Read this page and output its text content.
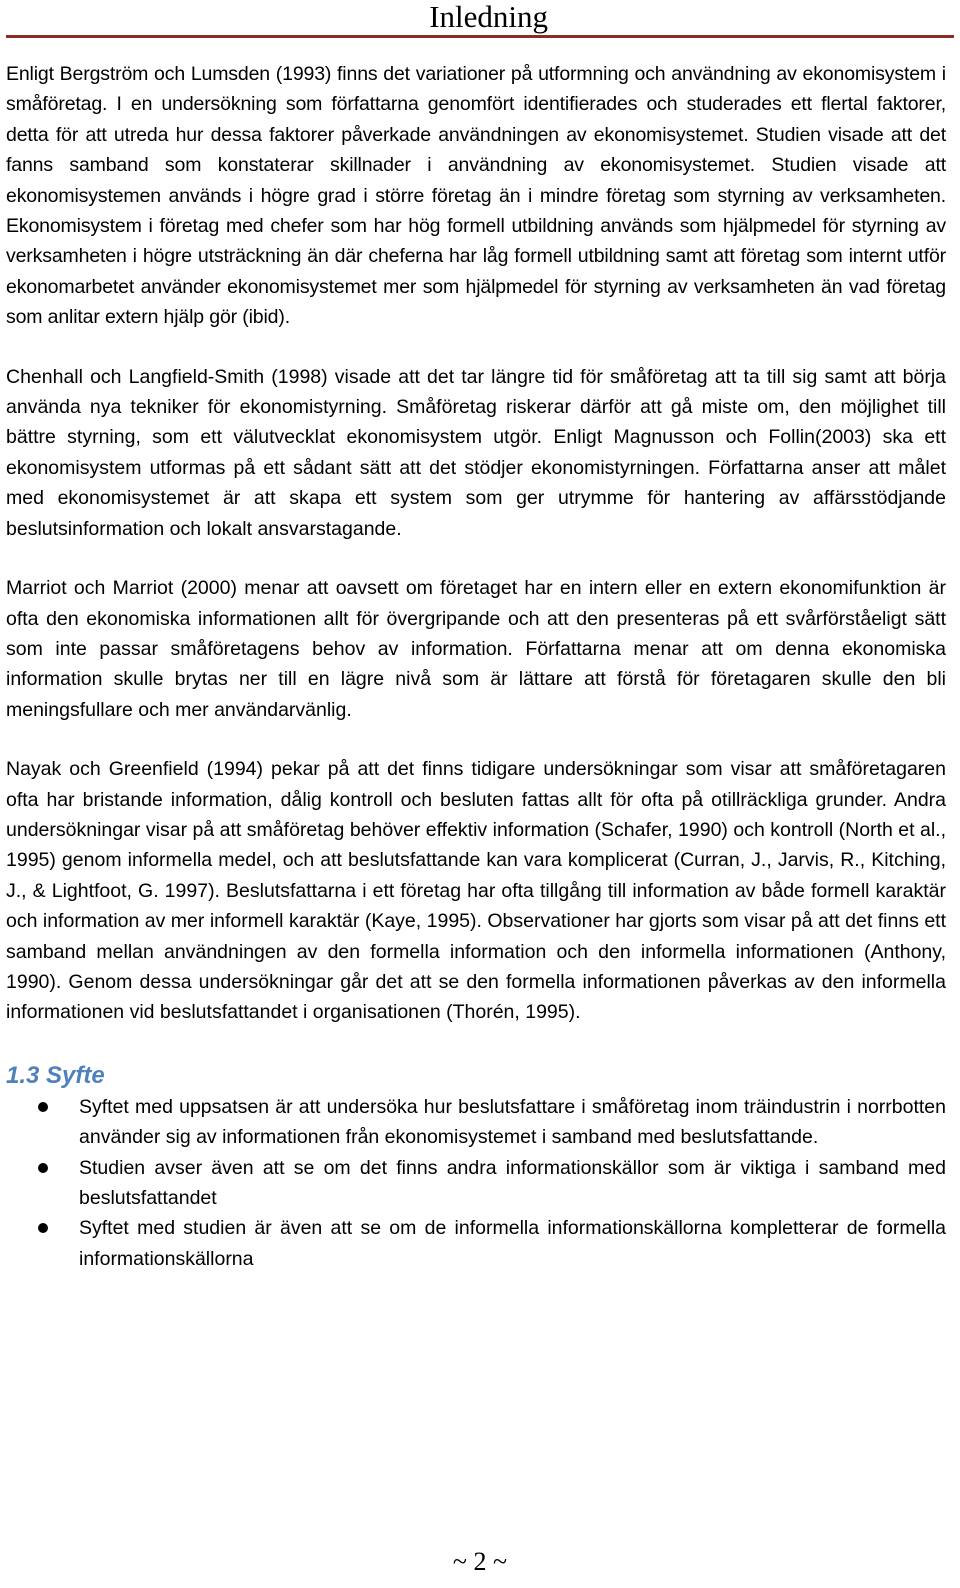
Inledning

Enligt Bergström och Lumsden (1993) finns det variationer på utformning och användning av ekonomisystem i småföretag. I en undersökning som författarna genomfört identifierades och studerades ett flertal faktorer, detta för att utreda hur dessa faktorer påverkade användningen av ekonomisystemet. Studien visade att det fanns samband som konstaterar skillnader i användning av ekonomisystemet. Studien visade att ekonomisystemen används i högre grad i större företag än i mindre företag som styrning av verksamheten. Ekonomisystem i företag med chefer som har hög formell utbildning används som hjälpmedel för styrning av verksamheten i högre utsträckning än där cheferna har låg formell utbildning samt att företag som internt utför ekonomarbetet använder ekonomisystemet mer som hjälpmedel för styrning av verksamheten än vad företag som anlitar extern hjälp gör (ibid).

Chenhall och Langfield-Smith (1998) visade att det tar längre tid för småföretag att ta till sig samt att börja använda nya tekniker för ekonomistyrning. Småföretag riskerar därför att gå miste om, den möjlighet till bättre styrning, som ett välutvecklat ekonomisystem utgör. Enligt Magnusson och Follin(2003) ska ett ekonomisystem utformas på ett sådant sätt att det stödjer ekonomistyrningen. Författarna anser att målet med ekonomisystemet är att skapa ett system som ger utrymme för hantering av affärsstödjande beslutsinformation och lokalt ansvarstagande.

Marriot och Marriot (2000) menar att oavsett om företaget har en intern eller en extern ekonomifunktion är ofta den ekonomiska informationen allt för övergripande och att den presenteras på ett svårförståeligt sätt som inte passar småföretagens behov av information. Författarna menar att om denna ekonomiska information skulle brytas ner till en lägre nivå som är lättare att förstå för företagaren skulle den bli meningsfullare och mer användarvänlig.

Nayak och Greenfield (1994) pekar på att det finns tidigare undersökningar som visar att småföretagaren ofta har bristande information, dålig kontroll och besluten fattas allt för ofta på otillräckliga grunder. Andra undersökningar visar på att småföretag behöver effektiv information (Schafer, 1990) och kontroll (North et al., 1995) genom informella medel, och att beslutsfattande kan vara komplicerat (Curran, J., Jarvis, R., Kitching, J., & Lightfoot, G. 1997). Beslutsfattarna i ett företag har ofta tillgång till information av både formell karaktär och information av mer informell karaktär (Kaye, 1995). Observationer har gjorts som visar på att det finns ett samband mellan användningen av den formella information och den informella informationen (Anthony, 1990). Genom dessa undersökningar går det att se den formella informationen påverkas av den informella informationen vid beslutsfattandet i organisationen (Thorén, 1995).

1.3 Syfte
Syftet med uppsatsen är att undersöka hur beslutsfattare i småföretag inom träindustrin i norrbotten använder sig av informationen från ekonomisystemet i samband med beslutsfattande.
Studien avser även att se om det finns andra informationskällor som är viktiga i samband med beslutsfattandet
Syftet med studien är även att se om de informella informationskällorna kompletterar de formella informationskällorna
~ 2 ~
